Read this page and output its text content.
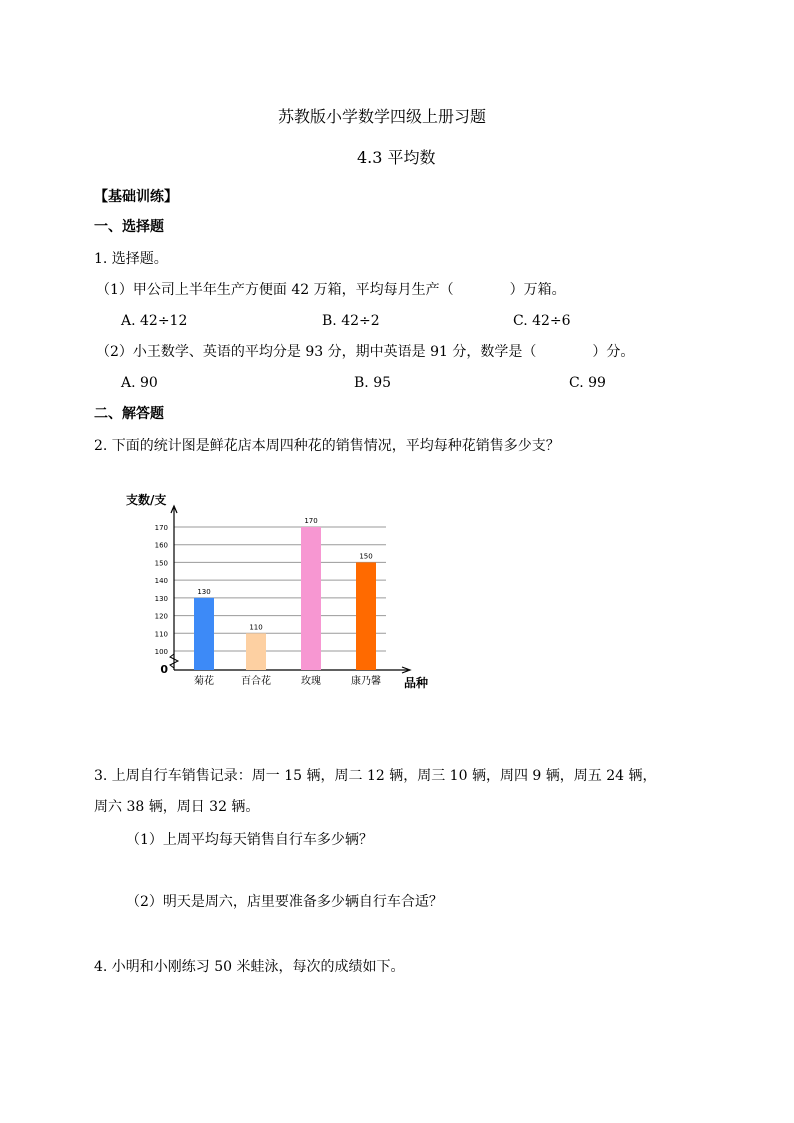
苏教版小学数学四级上册习题
4.3 平均数
【基础训练】
一、选择题
1. 选择题。
（1）甲公司上半年生产方便面 42 万箱，平均每月生产（　　　　）万箱。
A. 42÷12	B. 42÷2	C. 42÷6
（2）小王数学、英语的平均分是 93 分，期中英语是 91 分，数学是（　　　　）分。
A. 90	B. 95	C. 99
二、解答题
2. 下面的统计图是鲜花店本周四种花的销售情况，平均每种花销售多少支？
0
100
110
120
130
140
150
160
170
支数/支
品种
130
菊花
110
百合花
170
玫瑰
150
康乃馨
3. 上周自行车销售记录：周一 15 辆，周二 12 辆，周三 10 辆，周四 9 辆，周五 24 辆，
周六 38 辆，周日 32 辆。
（1）上周平均每天销售自行车多少辆？
（2）明天是周六，店里要准备多少辆自行车合适？
4. 小明和小刚练习 50 米蛙泳，每次的成绩如下。
